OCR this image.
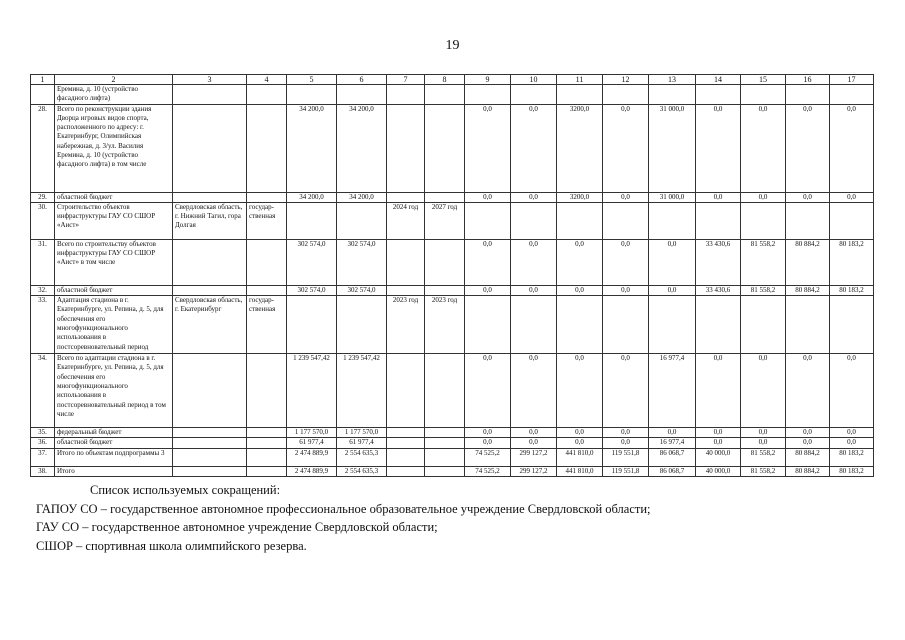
19
1	2	3	4	5	6	7	8	9	10	11	12	13	14	15	16	17
	Еремина, д. 10 (устройство фасадного лифта)															
28.	Всего по реконструкции здания Дворца игровых видов спорта, расположенного по адресу: г. Екатеринбург, Олимпийская набережная, д. 3/ул. Василия Еремина, д. 10 (устройство фасадного лифта) в том числе			34 200,0	34 200,0			0,0	0,0	3200,0	0,0	31 000,0	0,0	0,0	0,0	0,0
29.	областной бюджет			34 200,0	34 200,0			0,0	0,0	3200,0	0,0	31 000,0	0,0	0,0	0,0	0,0
30.	Строительство объектов инфраструктуры ГАУ СО СШОР «Аист»	Свердловская область, г. Нижний Тагил, гора Долгая	государ-ственная			2024 год	2027 год									
31.	Всего по строительству объектов инфраструктуры ГАУ СО СШОР «Аист» в том числе			302 574,0	302 574,0			0,0	0,0	0,0	0,0	0,0	33 430,6	81 558,2	80 884,2	80 183,2
32.	областной бюджет			302 574,0	302 574,0			0,0	0,0	0,0	0,0	0,0	33 430,6	81 558,2	80 884,2	80 183,2
33.	Адаптация стадиона в г. Екатеринбурге, ул. Репина, д. 5, для обеспечения его многофункционального использования в постсоревновательный период	Свердловская область, г. Екатеринбург	государ-ственная			2023 год	2023 год									
34.	Всего по адаптации стадиона в г. Екатеринбурге, ул. Репина, д. 5, для обеспечения его многофункционального использования в постсоревновательный период в том числе			1 239 547,42	1 239 547,42			0,0	0,0	0,0	0,0	16 977,4	0,0	0,0	0,0	0,0
35.	федеральный бюджет			1 177 570,0	1 177 570,0			0,0	0,0	0,0	0,0	0,0	0,0	0,0	0,0	0,0
36.	областной бюджет			61 977,4	61 977,4			0,0	0,0	0,0	0,0	16 977,4	0,0	0,0	0,0	0,0
37.	Итого по объектам подпрограммы 3			2 474 889,9	2 554 635,3			74 525,2	299 127,2	441 810,0	119 551,8	86 068,7	40 000,0	81 558,2	80 884,2	80 183,2
38.	Итого			2 474 889,9	2 554 635,3			74 525,2	299 127,2	441 810,0	119 551,8	86 068,7	40 000,0	81 558,2	80 884,2	80 183,2
Список используемых сокращений:
ГАПОУ СО – государственное автономное профессиональное образовательное учреждение Свердловской области;
ГАУ СО – государственное автономное учреждение Свердловской области;
СШОР – спортивная школа олимпийского резерва.
